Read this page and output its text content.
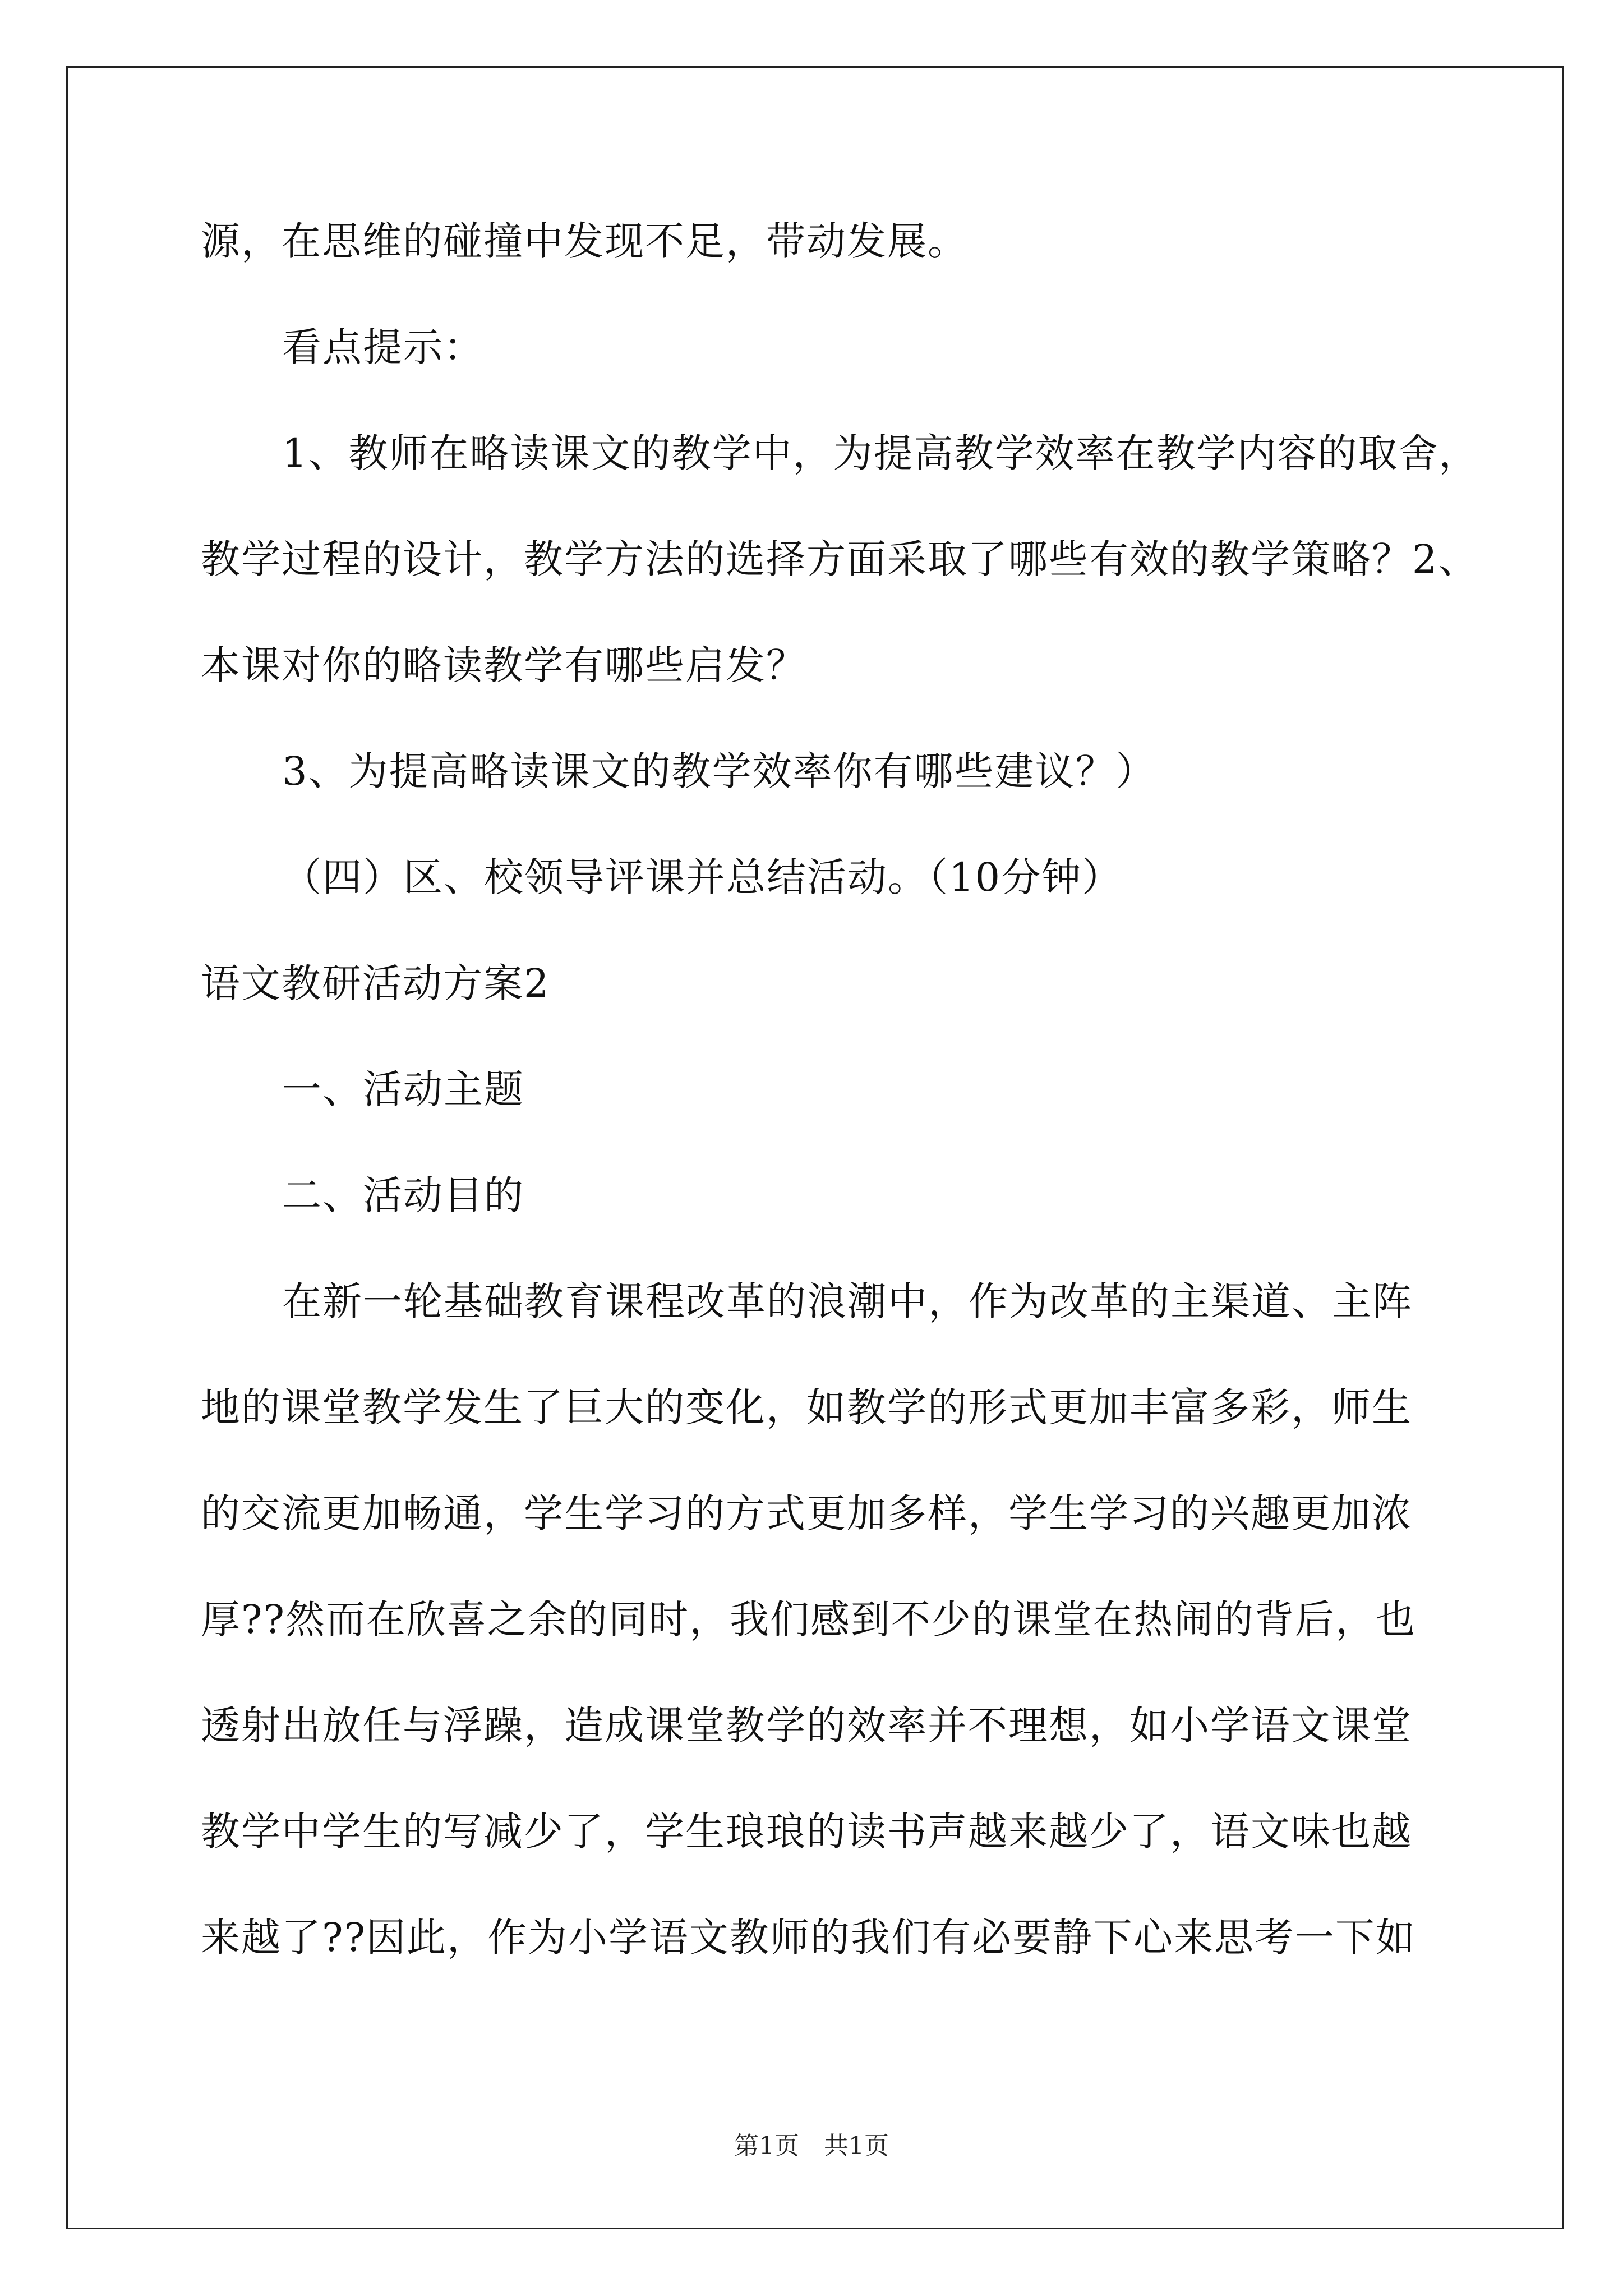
源，在思维的碰撞中发现不足，带动发展。
看点提示：
1、教师在略读课文的教学中，为提高教学效率在教学内容的取舍，
教学过程的设计，教学方法的选择方面采取了哪些有效的教学策略？2、
本课对你的略读教学有哪些启发？
3、为提高略读课文的教学效率你有哪些建议？）
（四）区、校领导评课并总结活动。（10分钟）
语文教研活动方案2
一、活动主题
二、活动目的
在新一轮基础教育课程改革的浪潮中，作为改革的主渠道、主阵
地的课堂教学发生了巨大的变化，如教学的形式更加丰富多彩，师生
的交流更加畅通，学生学习的方式更加多样，学生学习的兴趣更加浓
厚??然而在欣喜之余的同时，我们感到不少的课堂在热闹的背后，也
透射出放任与浮躁，造成课堂教学的效率并不理想，如小学语文课堂
教学中学生的写减少了，学生琅琅的读书声越来越少了，语文味也越
来越了??因此，作为小学语文教师的我们有必要静下心来思考一下如
第1页　共1页
